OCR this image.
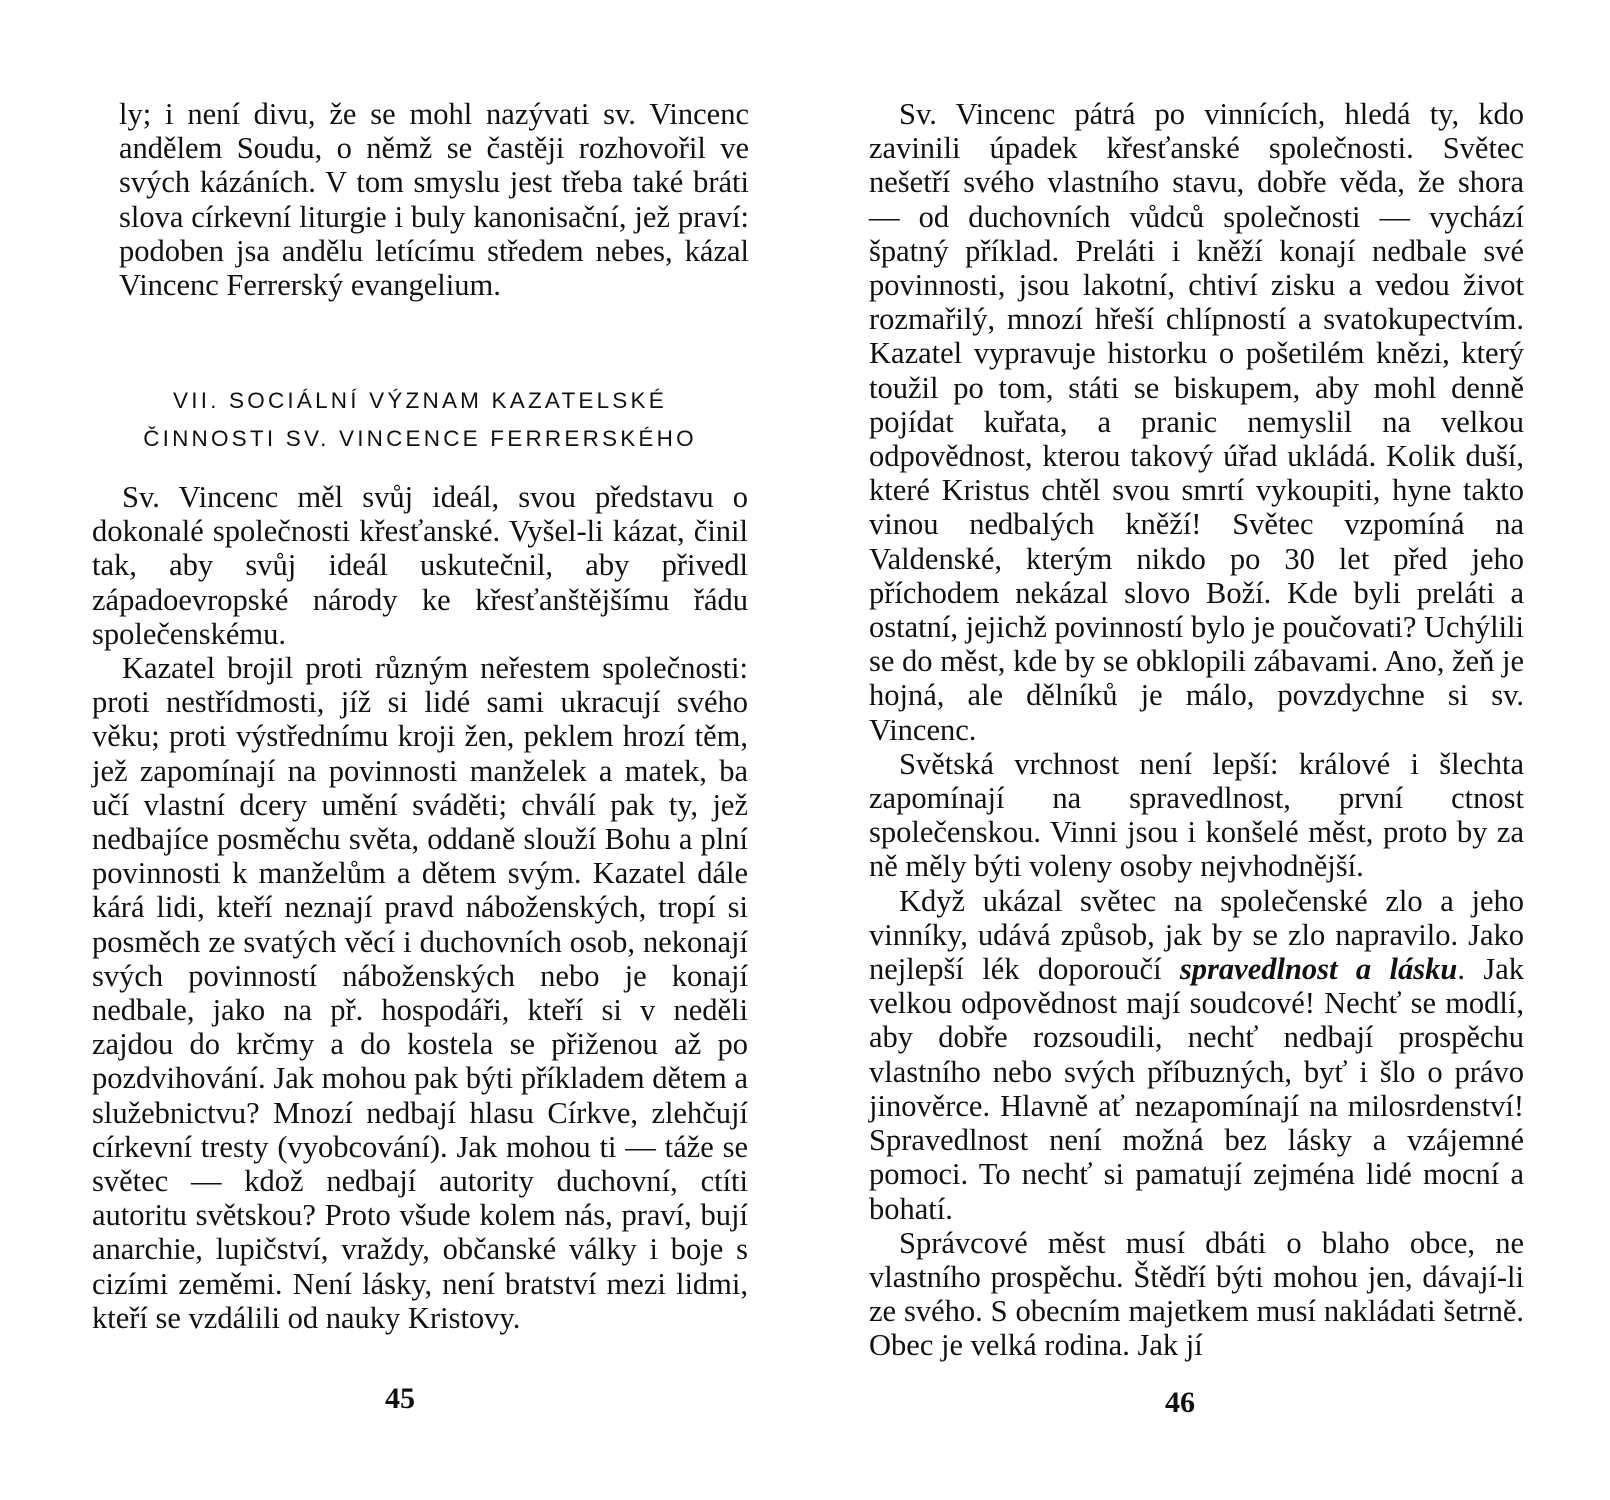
ly; i není divu, že se mohl nazývati sv. Vincenc andělem Soudu, o němž se častěji rozhovořil ve svých kázáních. V tom smyslu jest třeba také bráti slova církevní liturgie i buly kanonisační, jež praví: podoben jsa andělu letícímu středem nebes, kázal Vincenc Ferrerský evangelium.

VII. SOCIÁLNÍ VÝZNAM KAZATELSKÉ
ČINNOSTI SV. VINCENCE FERRERSKÉHO

Sv. Vincenc měl svůj ideál, svou představu o dokonalé společnosti křesťanské. Vyšel-li kázat, činil tak, aby svůj ideál uskutečnil, aby přivedl západoevropské národy ke křesťanštějšímu řádu společenskému.

Kazatel brojil proti různým neřestem společnosti: proti nestřídmosti, jíž si lidé sami ukracují svého věku; proti výstřednímu kroji žen, peklem hrozí těm, jež zapomínají na povinnosti manželek a matek, ba učí vlastní dcery umění sváděti; chválí pak ty, jež nedbajíce posměchu světa, oddaně slouží Bohu a plní povinnosti k manželům a dětem svým. Kazatel dále kárá lidi, kteří neznají pravd náboženských, tropí si posměch ze svatých věcí i duchovních osob, nekonají svých povinností náboženských nebo je konají nedbale, jako na př. hospodáři, kteří si v neděli zajdou do krčmy a do kostela se přiženou až po pozdvihování. Jak mohou pak býti příkladem dětem a služebnictvu? Mnozí nedbají hlasu Církve, zlehčují církevní tresty (vyobcování). Jak mohou ti — táže se světec — kdož nedbají autority duchovní, ctíti autoritu světskou? Proto všude kolem nás, praví, bují anarchie, lupičství, vraždy, občanské války i boje s cizími zeměmi. Není lásky, není bratství mezi lidmi, kteří se vzdálili od nauky Kristovy.

45

Sv. Vincenc pátrá po vinnících, hledá ty, kdo zavinili úpadek křesťanské společnosti. Světec nešetří svého vlastního stavu, dobře věda, že shora — od duchovních vůdců společnosti — vychází špatný příklad. Preláti i kněží konají nedbale své povinnosti, jsou lakotní, chtiví zisku a vedou život rozmařilý, mnozí hřeší chlípností a svatokupectvím. Kazatel vypravuje historku o pošetilém knězi, který toužil po tom, státi se biskupem, aby mohl denně pojídat kuřata, a pranic nemyslil na velkou odpovědnost, kterou takový úřad ukládá. Kolik duší, které Kristus chtěl svou smrtí vykoupiti, hyne takto vinou nedbalých kněží! Světec vzpomíná na Valdenské, kterým nikdo po 30 let před jeho příchodem nekázal slovo Boží. Kde byli preláti a ostatní, jejichž povinností bylo je poučovati? Uchýlili se do měst, kde by se obklopili zábavami. Ano, žeň je hojná, ale dělníků je málo, povzdychne si sv. Vincenc.

Světská vrchnost není lepší: králové i šlechta zapomínají na spravedlnost, první ctnost společenskou. Vinni jsou i konšelé měst, proto by za ně měly býti voleny osoby nejvhodnější.

Když ukázal světec na společenské zlo a jeho vinníky, udává způsob, jak by se zlo napravilo. Jako nejlepší lék doporoučí spravedlnost a lásku. Jak velkou odpovědnost mají soudcové! Nechť se modlí, aby dobře rozsoudili, nechť nedbají prospěchu vlastního nebo svých příbuzných, byť i šlo o právo jinověrce. Hlavně ať nezapomínají na milosrdenství! Spravedlnost není možná bez lásky a vzájemné pomoci. To nechť si pamatují zejména lidé mocní a bohatí.

Správcové měst musí dbáti o blaho obce, ne vlastního prospěchu. Štědří býti mohou jen, dávají-li ze svého. S obecním majetkem musí nakládati šetrně. Obec je velká rodina. Jak jí

46
